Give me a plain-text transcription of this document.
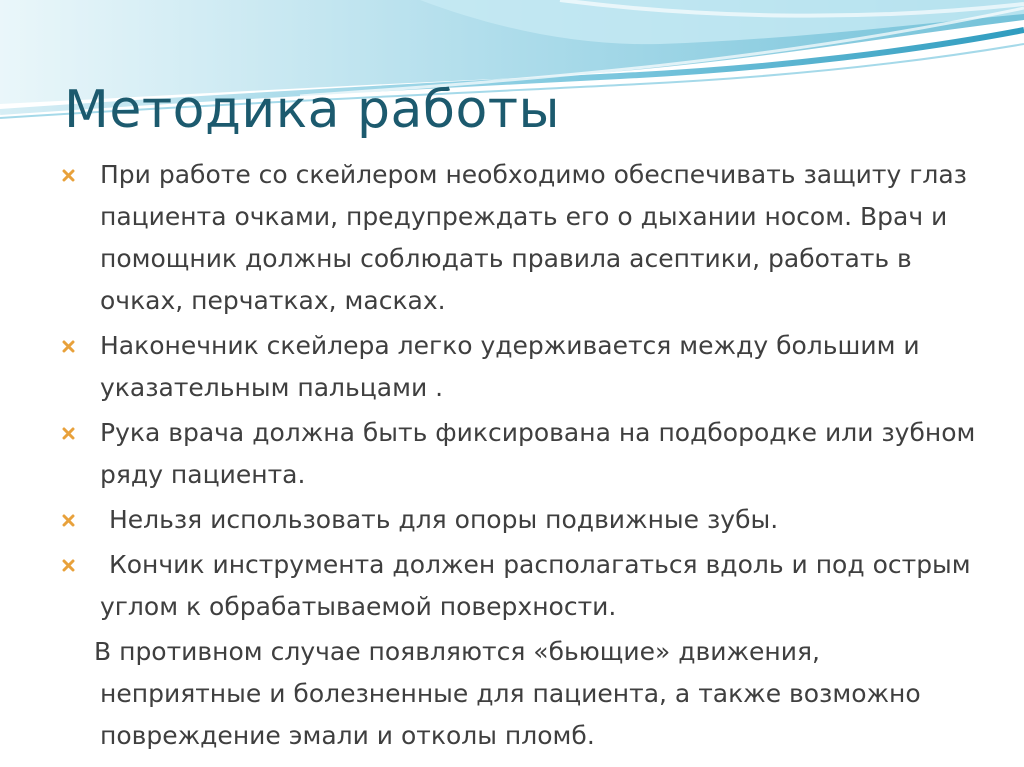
Методика работы
При работе со скейлером необходимо обеспечивать защиту глаз пациента очками, предупреждать его о дыхании носом. Врач и помощник должны соблюдать правила асептики, работать в очках, перчатках, масках.
Наконечник скейлера легко удерживается между большим и указательным пальцами .
Рука врача должна быть фиксирована на подбородке или зубном ряду пациента.
Нельзя использовать для опоры подвижные зубы.
Кончик инструмента должен располагаться вдоль и под острым углом к обрабатываемой поверхности.
В противном случае появляются «бьющие» движения, неприятные и болезненные для пациента, а также возможно повреждение эмали и отколы пломб.
